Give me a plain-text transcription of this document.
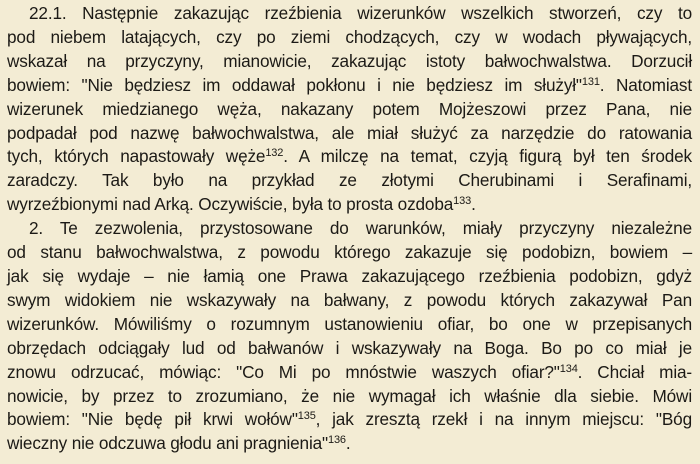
22.1. Następnie zakazując rzeźbienia wizerunków wszelkich stworzeń, czy to
pod niebem latających, czy po ziemi chodzących, czy w wodach pływających,
wskazał na przyczyny, mianowicie, zakazując istoty bałwochwalstwa. Dorzucił
bowiem: "Nie będziesz im oddawał pokłonu i nie będziesz im służył"$^{131}$. Natomiast
wizerunek miedzianego węża, nakazany potem Mojżeszowi przez Pana, nie
podpadał pod nazwę bałwochwalstwa, ale miał służyć za narzędzie do ratowania
tych, których napastowały węże$^{132}$. A milczę na temat, czyją figurą był ten środek
zaradczy. Tak było na przykład ze złotymi Cherubinami i Serafinami,
wyrzeźbionymi nad Arką. Oczywiście, była to prosta ozdoba$^{133}$.
2. Te zezwolenia, przystosowane do warunków, miały przyczyny niezależne
od stanu bałwochwalstwa, z powodu którego zakazuje się podobizn, bowiem –
jak się wydaje – nie łamią one Prawa zakazującego rzeźbienia podobizn, gdyż
swym widokiem nie wskazywały na bałwany, z powodu których zakazywał Pan
wizerunków. Mówiliśmy o rozumnym ustanowieniu ofiar, bo one w przepisanych
obrzędach odciągały lud od bałwanów i wskazywały na Boga. Bo po co miał je
znowu odrzucać, mówiąc: "Co Mi po mnóstwie waszych ofiar?"$^{134}$. Chciał mia-
nowicie, by przez to zrozumiano, że nie wymagał ich właśnie dla siebie. Mówi
bowiem: "Nie będę pił krwi wołów"$^{135}$, jak zresztą rzekł i na innym miejscu: "Bóg
wieczny nie odczuwa głodu ani pragnienia"$^{136}$.
